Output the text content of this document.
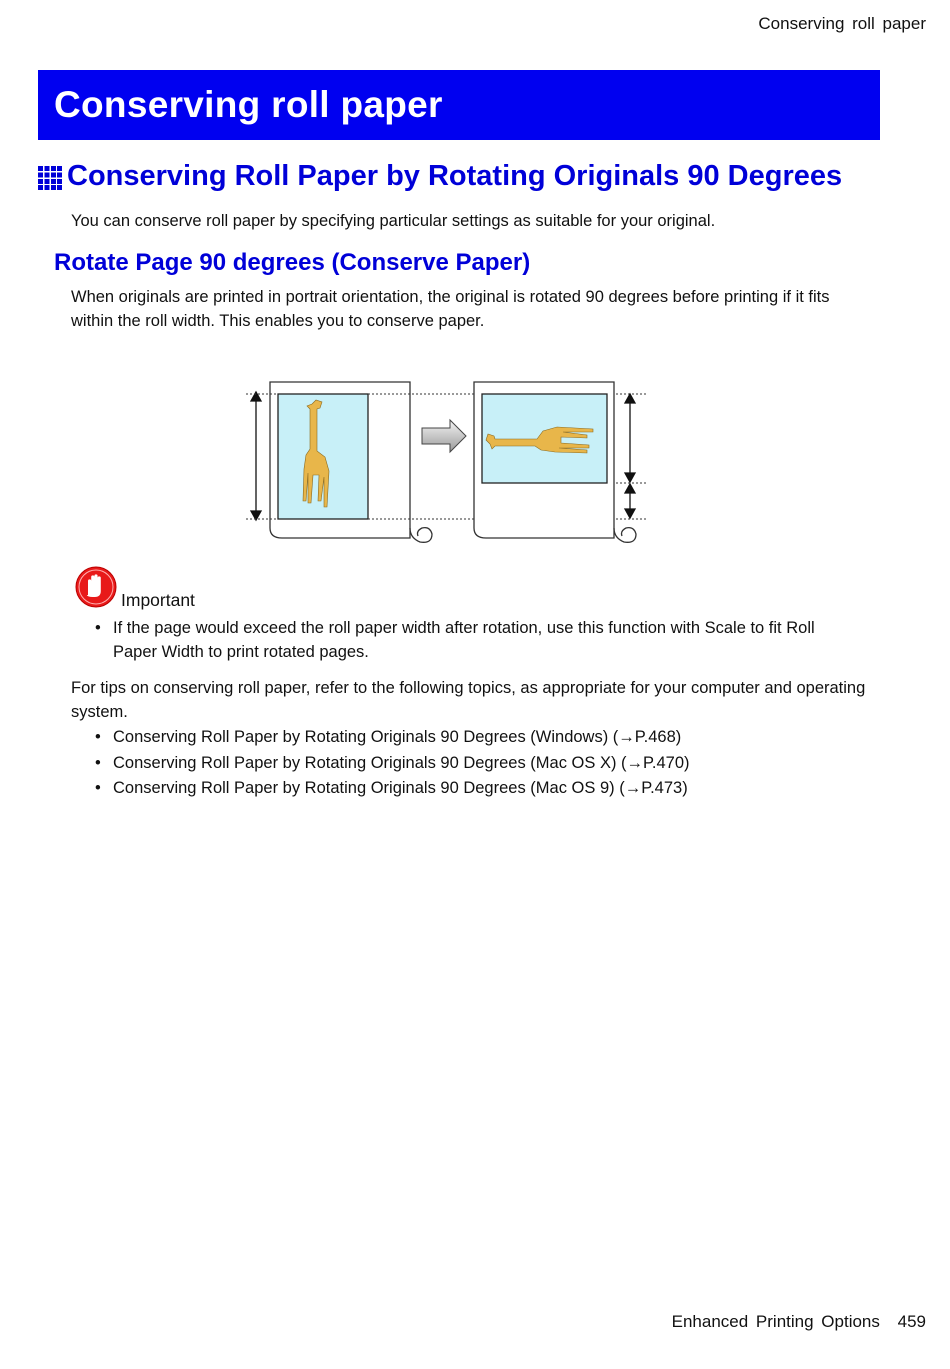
Conserving roll paper
Conserving roll paper
Conserving Roll Paper by Rotating Originals 90 Degrees
You can conserve roll paper by specifying particular settings as suitable for your original.
Rotate Page 90 degrees (Conserve Paper)
When originals are printed in portrait orientation, the original is rotated 90 degrees before printing if it fits
within the roll width. This enables you to conserve paper.
Important
• If the page would exceed the roll paper width after rotation, use this function with Scale to fit Roll
Paper Width to print rotated pages.
For tips on conserving roll paper, refer to the following topics, as appropriate for your computer and operating
system.
• Conserving Roll Paper by Rotating Originals 90 Degrees (Windows) (→P.468)
• Conserving Roll Paper by Rotating Originals 90 Degrees (Mac OS X) (→P.470)
• Conserving Roll Paper by Rotating Originals 90 Degrees (Mac OS 9) (→P.473)
Enhanced Printing Options 459
